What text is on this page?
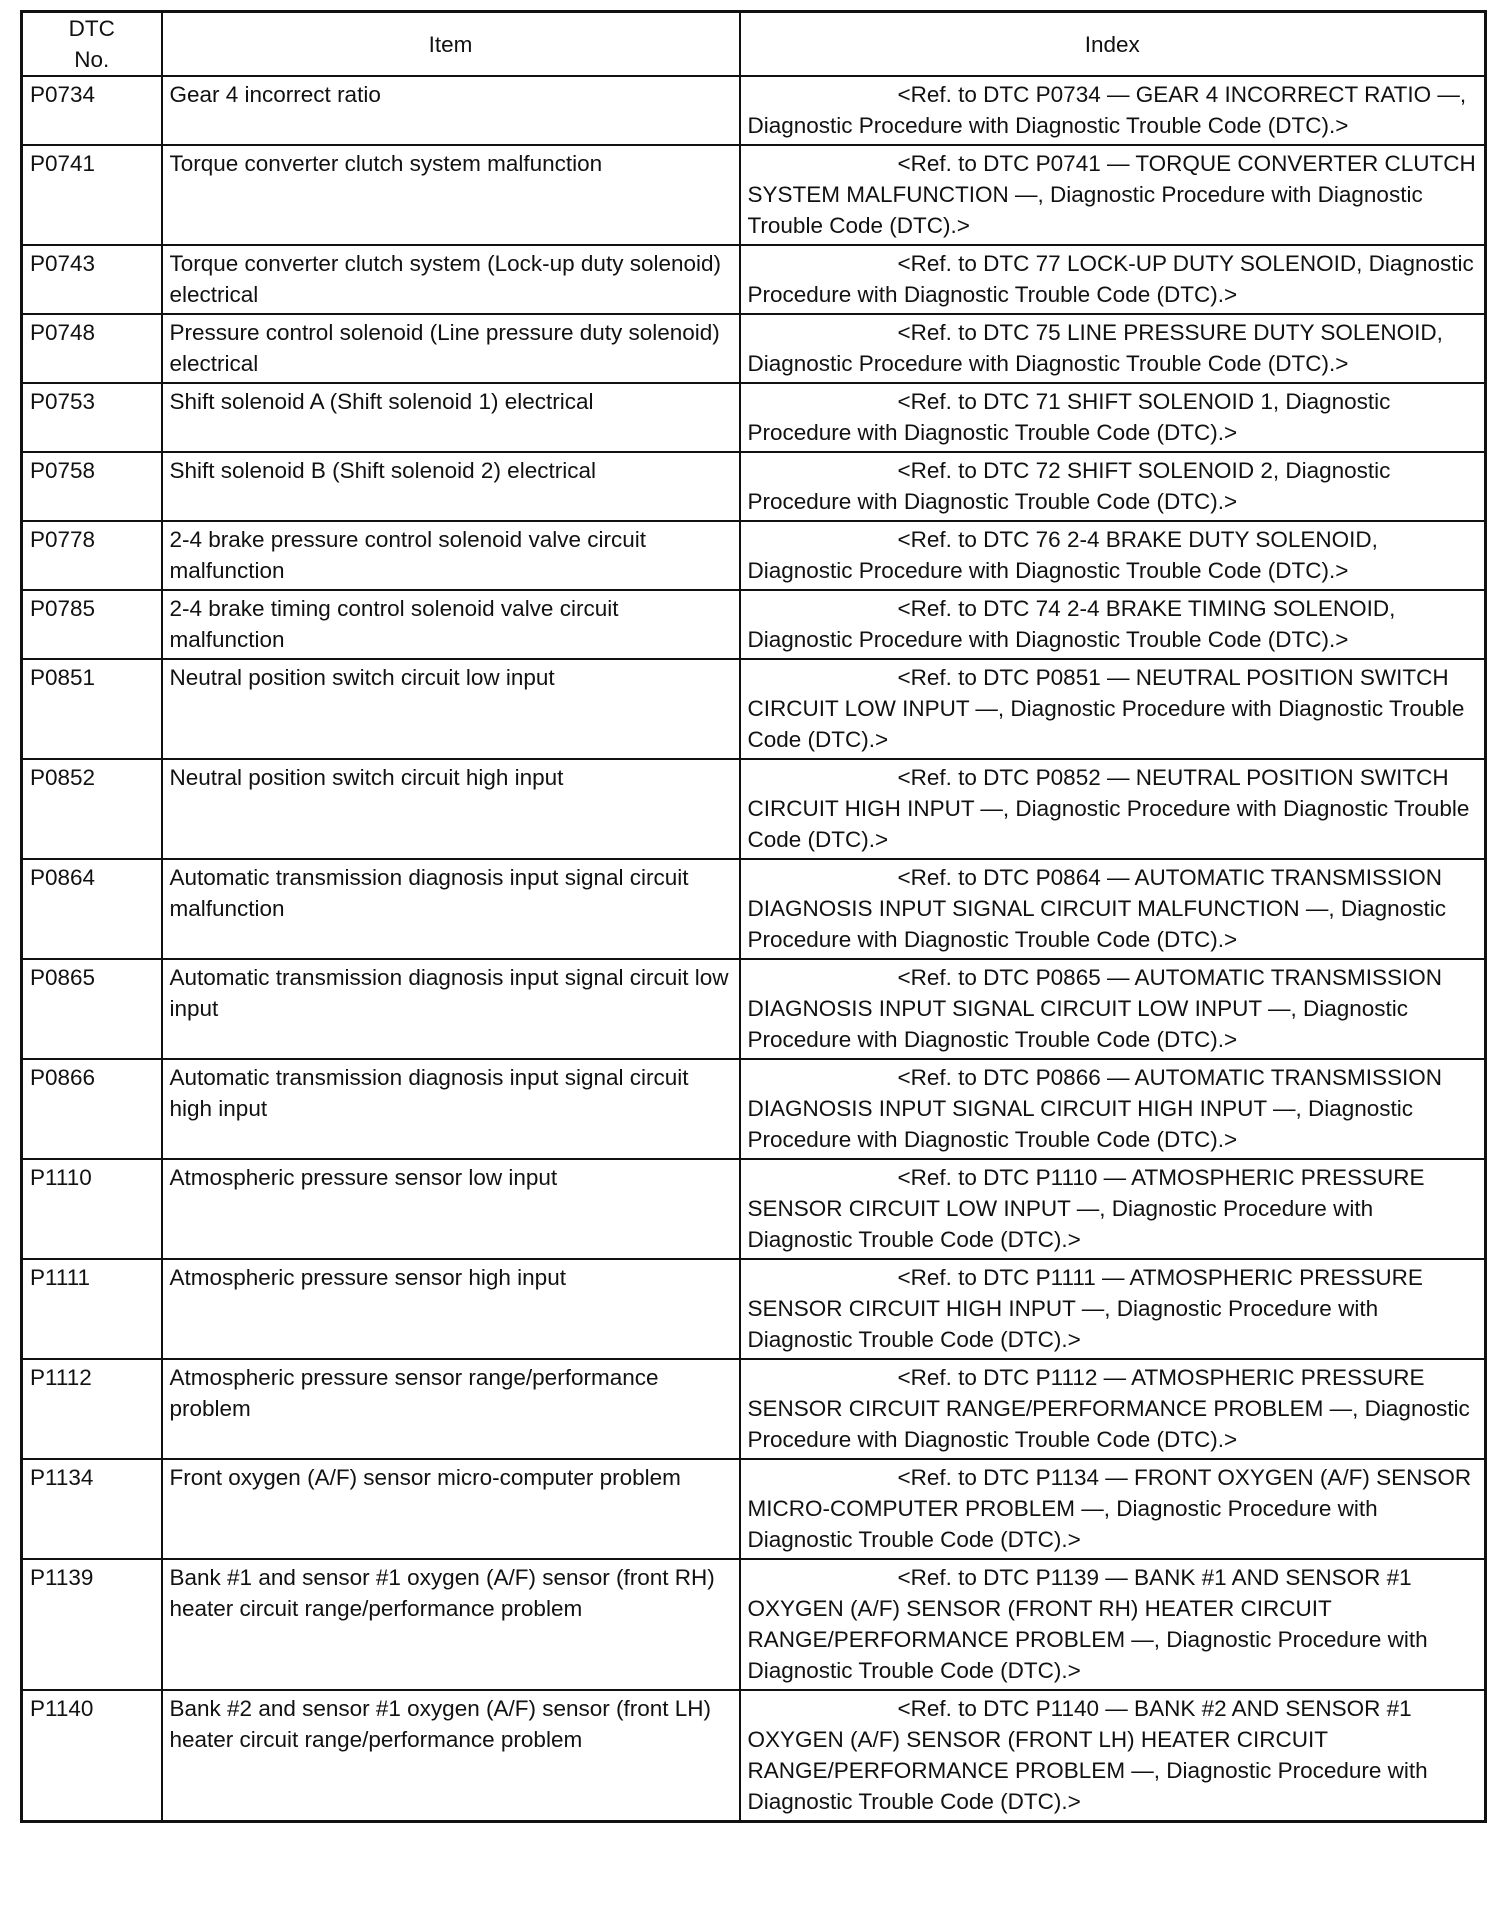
DTC
No.	Item	Index
P0734	Gear 4 incorrect ratio	<Ref. to DTC P0734 — GEAR 4 INCORRECT RATIO —, Diagnostic Procedure with Diagnostic Trouble Code (DTC).>
P0741	Torque converter clutch system malfunction	<Ref. to DTC P0741 — TORQUE CONVERTER CLUTCH SYSTEM MALFUNCTION —, Diagnostic Procedure with Diagnostic Trouble Code (DTC).>
P0743	Torque converter clutch system (Lock-up duty solenoid) electrical	<Ref. to DTC 77 LOCK-UP DUTY SOLENOID, Diagnostic Procedure with Diagnostic Trouble Code (DTC).>
P0748	Pressure control solenoid (Line pressure duty solenoid) electrical	<Ref. to DTC 75 LINE PRESSURE DUTY SOLENOID, Diagnostic Procedure with Diagnostic Trouble Code (DTC).>
P0753	Shift solenoid A (Shift solenoid 1) electrical	<Ref. to DTC 71 SHIFT SOLENOID 1, Diagnostic Procedure with Diagnostic Trouble Code (DTC).>
P0758	Shift solenoid B (Shift solenoid 2) electrical	<Ref. to DTC 72 SHIFT SOLENOID 2, Diagnostic Procedure with Diagnostic Trouble Code (DTC).>
P0778	2-4 brake pressure control solenoid valve circuit malfunction	<Ref. to DTC 76 2-4 BRAKE DUTY SOLENOID, Diagnostic Procedure with Diagnostic Trouble Code (DTC).>
P0785	2-4 brake timing control solenoid valve circuit malfunction	<Ref. to DTC 74 2-4 BRAKE TIMING SOLENOID, Diagnostic Procedure with Diagnostic Trouble Code (DTC).>
P0851	Neutral position switch circuit low input	<Ref. to DTC P0851 — NEUTRAL POSITION SWITCH CIRCUIT LOW INPUT —, Diagnostic Procedure with Diagnostic Trouble Code (DTC).>
P0852	Neutral position switch circuit high input	<Ref. to DTC P0852 — NEUTRAL POSITION SWITCH CIRCUIT HIGH INPUT —, Diagnostic Procedure with Diagnostic Trouble Code (DTC).>
P0864	Automatic transmission diagnosis input signal circuit malfunction	<Ref. to DTC P0864 — AUTOMATIC TRANSMISSION DIAGNOSIS INPUT SIGNAL CIRCUIT MALFUNCTION —, Diagnostic Procedure with Diagnostic Trouble Code (DTC).>
P0865	Automatic transmission diagnosis input signal circuit low input	<Ref. to DTC P0865 — AUTOMATIC TRANSMISSION DIAGNOSIS INPUT SIGNAL CIRCUIT LOW INPUT —, Diagnostic Procedure with Diagnostic Trouble Code (DTC).>
P0866	Automatic transmission diagnosis input signal circuit high input	<Ref. to DTC P0866 — AUTOMATIC TRANSMISSION DIAGNOSIS INPUT SIGNAL CIRCUIT HIGH INPUT —, Diagnostic Procedure with Diagnostic Trouble Code (DTC).>
P1110	Atmospheric pressure sensor low input	<Ref. to DTC P1110 — ATMOSPHERIC PRESSURE SENSOR CIRCUIT LOW INPUT —, Diagnostic Procedure with Diagnostic Trouble Code (DTC).>
P1111	Atmospheric pressure sensor high input	<Ref. to DTC P1111 — ATMOSPHERIC PRESSURE SENSOR CIRCUIT HIGH INPUT —, Diagnostic Procedure with Diagnostic Trouble Code (DTC).>
P1112	Atmospheric pressure sensor range/performance problem	<Ref. to DTC P1112 — ATMOSPHERIC PRESSURE SENSOR CIRCUIT RANGE/PERFORMANCE PROBLEM —, Diagnostic Procedure with Diagnostic Trouble Code (DTC).>
P1134	Front oxygen (A/F) sensor micro-computer problem	<Ref. to DTC P1134 — FRONT OXYGEN (A/F) SENSOR MICRO-COMPUTER PROBLEM —, Diagnostic Procedure with Diagnostic Trouble Code (DTC).>
P1139	Bank #1 and sensor #1 oxygen (A/F) sensor (front RH) heater circuit range/performance problem	<Ref. to DTC P1139 — BANK #1 AND SENSOR #1 OXYGEN (A/F) SENSOR (FRONT RH) HEATER CIRCUIT RANGE/PERFORMANCE PROBLEM —, Diagnostic Procedure with Diagnostic Trouble Code (DTC).>
P1140	Bank #2 and sensor #1 oxygen (A/F) sensor (front LH) heater circuit range/performance problem	<Ref. to DTC P1140 — BANK #2 AND SENSOR #1 OXYGEN (A/F) SENSOR (FRONT LH) HEATER CIRCUIT RANGE/PERFORMANCE PROBLEM —, Diagnostic Procedure with Diagnostic Trouble Code (DTC).>
